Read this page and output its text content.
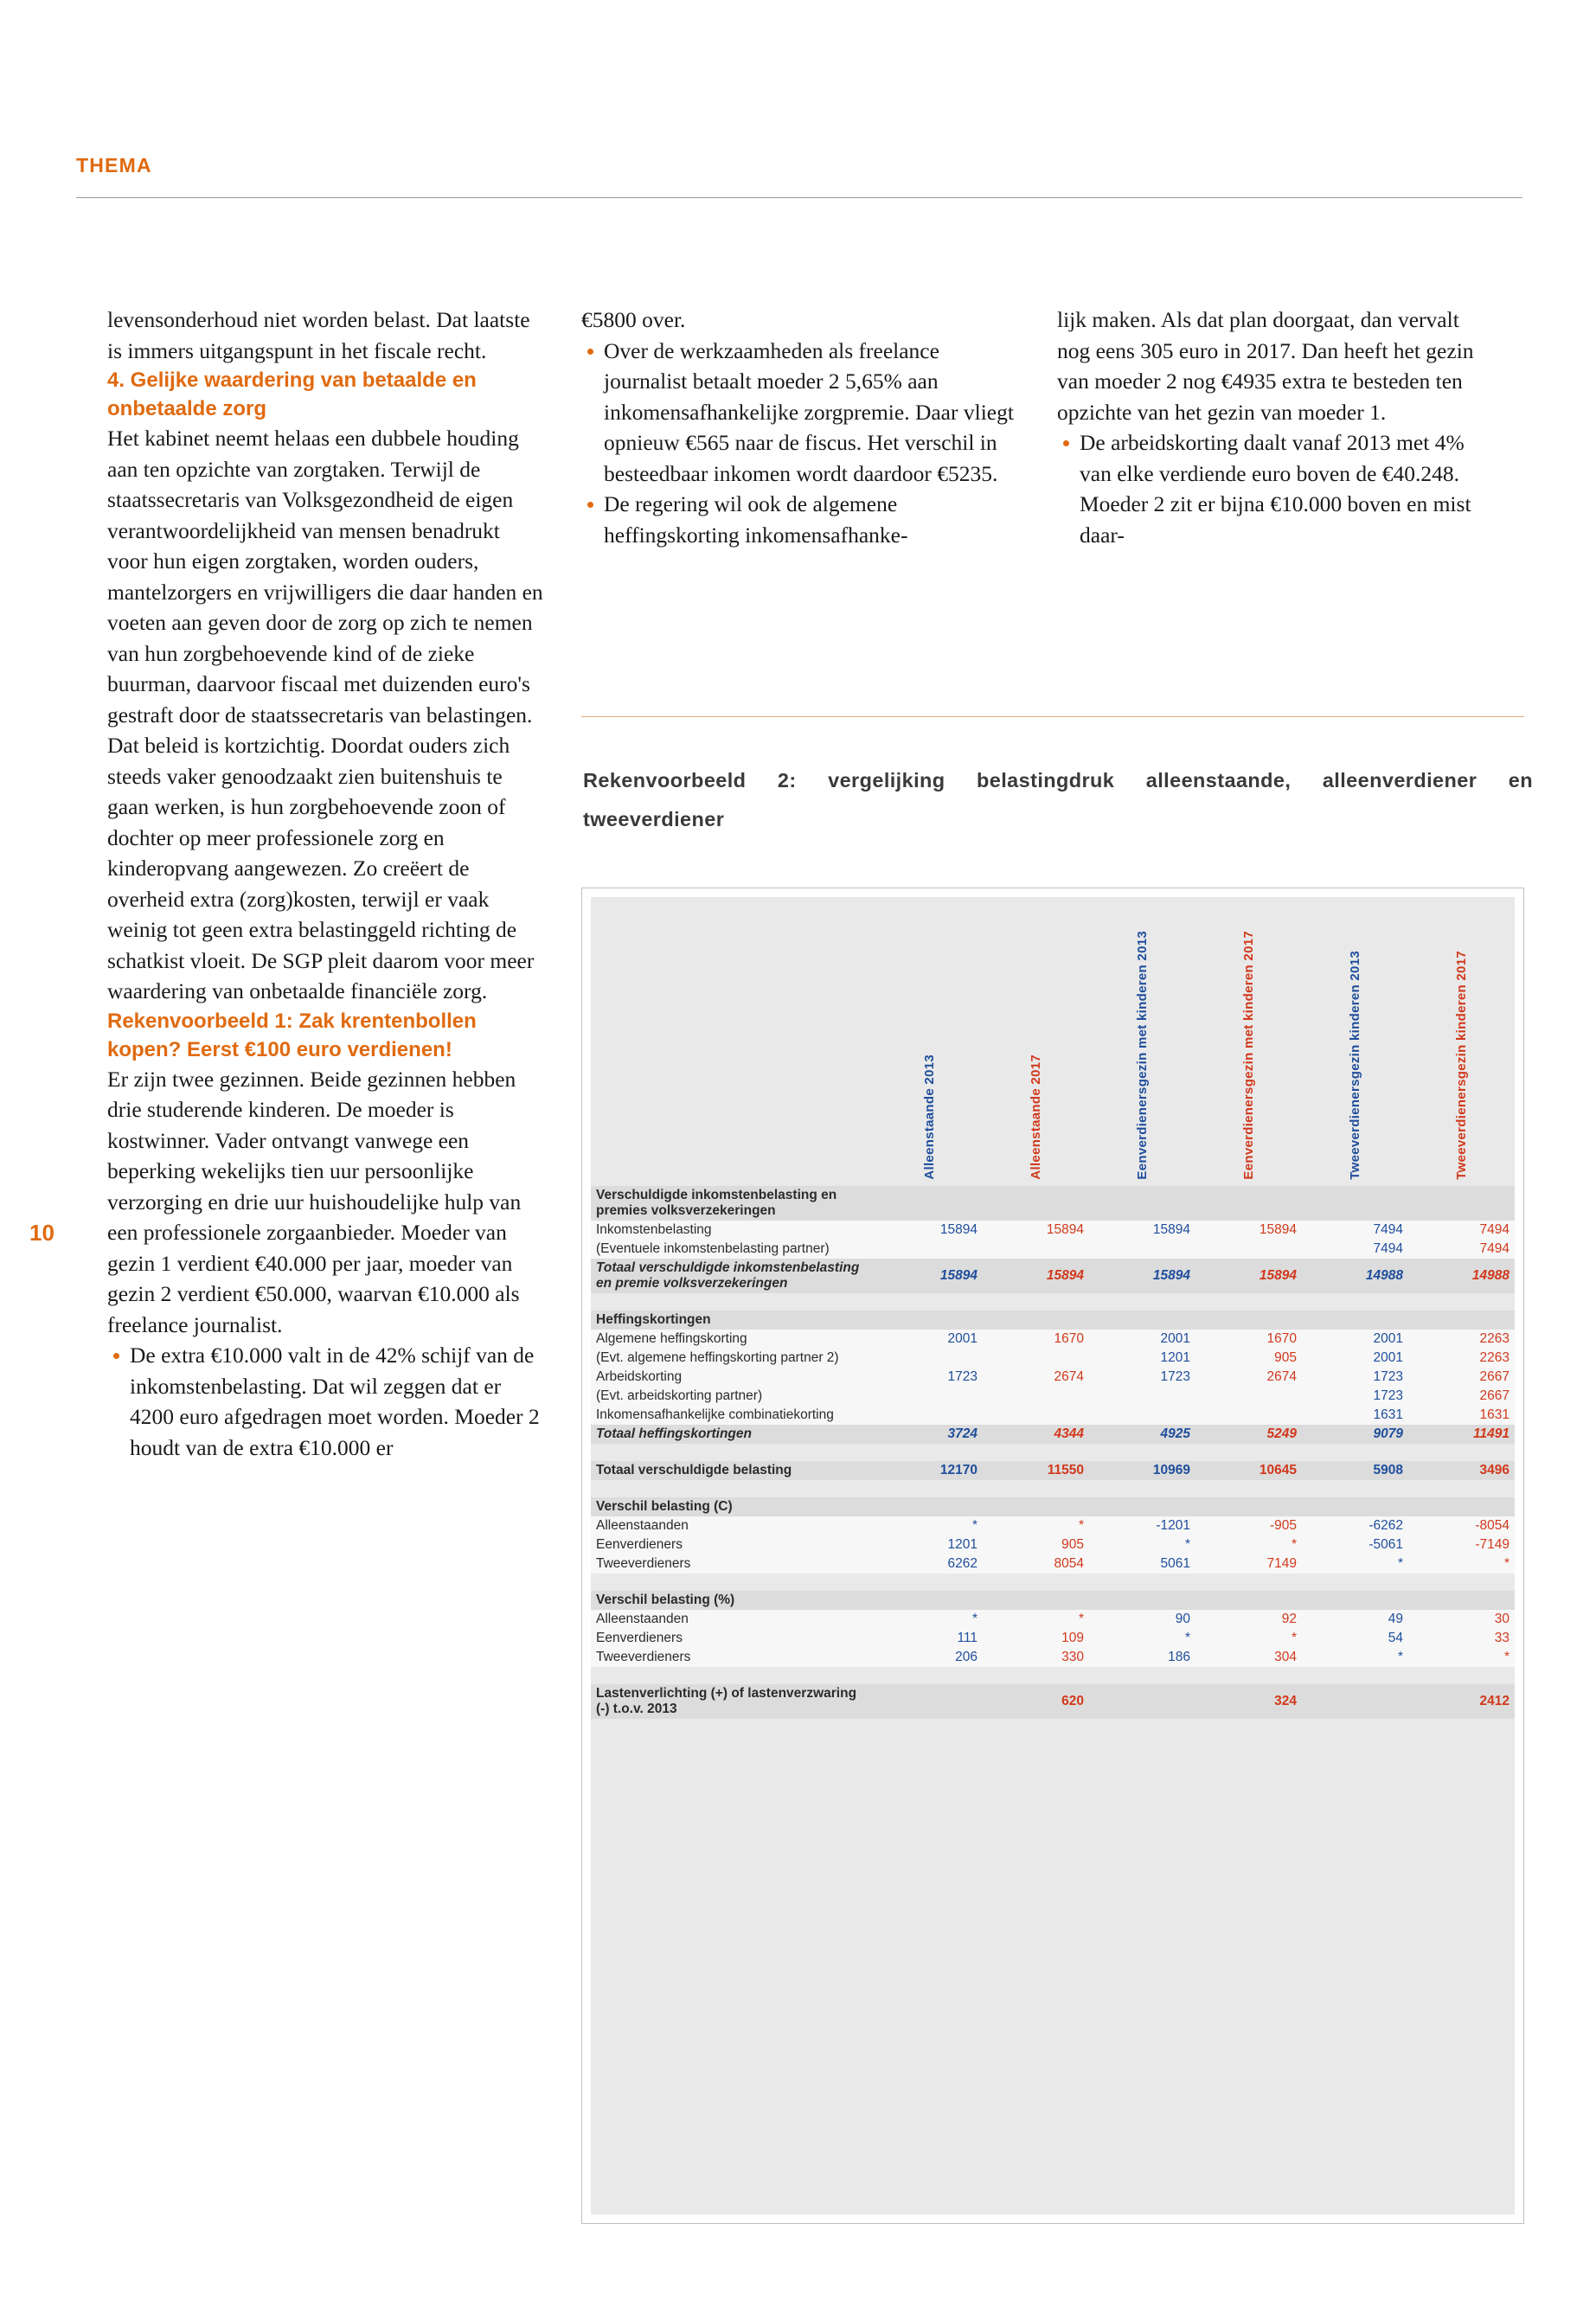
THEMA
10

levensonderhoud niet worden belast. Dat laatste is immers uitgangspunt in het fiscale recht.

4. Gelijke waardering van betaalde en onbetaalde zorg

Het kabinet neemt helaas een dubbele houding aan ten opzichte van zorgtaken. Terwijl de staatssecretaris van Volksgezondheid de eigen verantwoordelijkheid van mensen benadrukt voor hun eigen zorgtaken, worden ouders, mantelzorgers en vrijwilligers die daar handen en voeten aan geven door de zorg op zich te nemen van hun zorgbehoevende kind of de zieke buurman, daarvoor fiscaal met duizenden euro's gestraft door de staatssecretaris van belastingen. Dat beleid is kortzichtig. Doordat ouders zich steeds vaker genoodzaakt zien buitenshuis te gaan werken, is hun zorgbehoevende zoon of dochter op meer professionele zorg en kinderopvang aangewezen. Zo creëert de overheid extra (zorg)kosten, terwijl er vaak weinig tot geen extra belastinggeld richting de schatkist vloeit. De SGP pleit daarom voor meer waardering van onbetaalde financiële zorg.

Rekenvoorbeeld 1: Zak krentenbollen kopen? Eerst €100 euro verdienen!

Er zijn twee gezinnen. Beide gezinnen hebben drie studerende kinderen. De moeder is kostwinner. Vader ontvangt vanwege een beperking wekelijks tien uur persoonlijke verzorging en drie uur huishoudelijke hulp van een professionele zorgaanbieder. Moeder van gezin 1 verdient €40.000 per jaar, moeder van gezin 2 verdient €50.000, waarvan €10.000 als freelance journalist.

De extra €10.000 valt in de 42% schijf van de inkomstenbelasting. Dat wil zeggen dat er 4200 euro afgedragen moet worden. Moeder 2 houdt van de extra €10.000 er

€5800 over.

Over de werkzaamheden als freelance journalist betaalt moeder 2 5,65% aan inkomensafhankelijke zorgpremie. Daar vliegt opnieuw €565 naar de fiscus. Het verschil in besteedbaar inkomen wordt daardoor €5235.
De regering wil ook de algemene heffingskorting inkomensafhanke-

lijk maken. Als dat plan doorgaat, dan vervalt nog eens 305 euro in 2017. Dan heeft het gezin van moeder 2 nog €4935 extra te besteden ten opzichte van het gezin van moeder 1.

De arbeidskorting daalt vanaf 2013 met 4% van elke verdiende euro boven de €40.248. Moeder 2 zit er bijna €10.000 boven en mist daar-
Rekenvoorbeeld 2: vergelijking belastingdruk alleenstaande, alleenverdiener en
tweeverdiener

	Alleenstaande 2013	Alleenstaande 2017	Eenverdienersgezin met kinderen 2013	Eenverdienersgezin met kinderen 2017	Tweeverdienersgezin kinderen 2013	Tweeverdienersgezin kinderen 2017

Verschuldigde inkomstenbelasting en premies volksverzekeringen						
Inkomstenbelasting	15894	15894	15894	15894	7494	7494
(Eventuele inkomstenbelasting partner)					7494	7494
Totaal verschuldigde inkomstenbelasting en premie volksverzekeringen	15894	15894	15894	15894	14988	14988

Heffingskortingen						
Algemene heffingskorting	2001	1670	2001	1670	2001	2263
(Evt. algemene heffingskorting partner 2)			1201	905	2001	2263
Arbeidskorting	1723	2674	1723	2674	1723	2667
(Evt. arbeidskorting partner)					1723	2667
Inkomensafhankelijke combinatiekorting					1631	1631
Totaal heffingskortingen	3724	4344	4925	5249	9079	11491

Totaal verschuldigde belasting	12170	11550	10969	10645	5908	3496

Verschil belasting (C)						
Alleenstaanden	*	*	-1201	-905	-6262	-8054
Eenverdieners	1201	905	*	*	-5061	-7149
Tweeverdieners	6262	8054	5061	7149	*	*

Verschil belasting (%)						
Alleenstaanden	*	*	90	92	49	30
Eenverdieners	111	109	*	*	54	33
Tweeverdieners	206	330	186	304	*	*

Lastenverlichting (+) of lastenverzwaring (-) t.o.v. 2013		620		324		2412
